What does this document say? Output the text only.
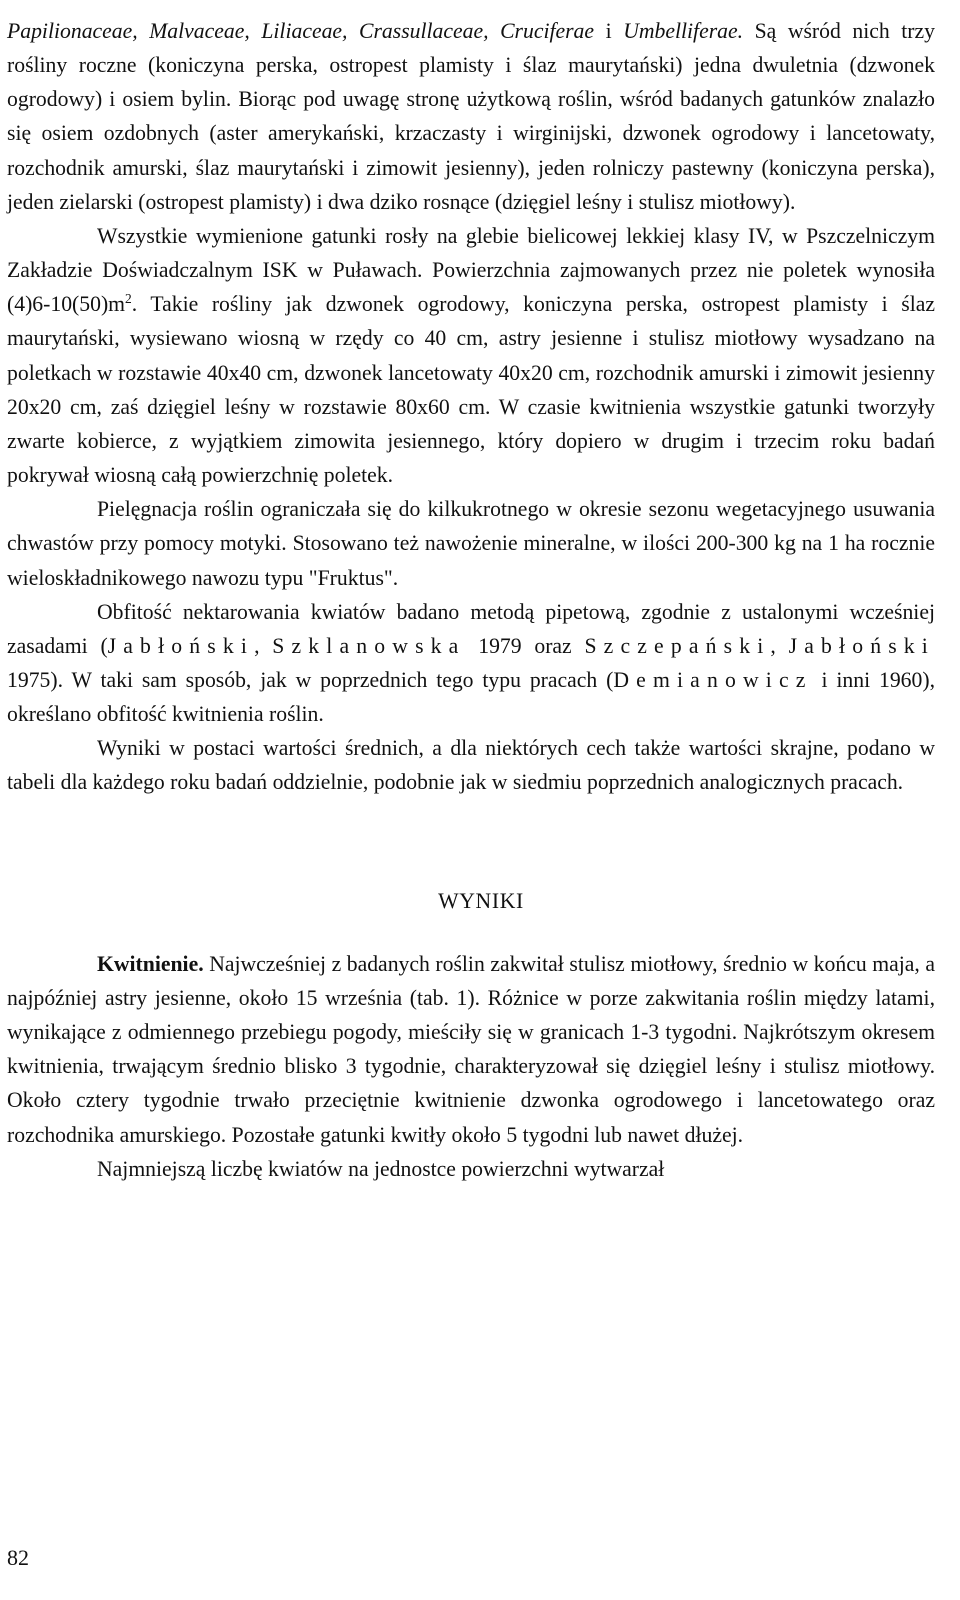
Papilionaceae, Malvaceae, Liliaceae, Crassullaceae, Cruciferae i Umbelliferae. Są wśród nich trzy rośliny roczne (koniczyna perska, ostropest plamisty i ślaz maurytański) jedna dwuletnia (dzwonek ogrodowy) i osiem bylin. Biorąc pod uwagę stronę użytkową roślin, wśród badanych gatunków znalazło się osiem ozdobnych (aster amerykański, krzaczasty i wirginijski, dzwonek ogrodowy i lancetowaty, rozchodnik amurski, ślaz maurytański i zimowit jesienny), jeden rolniczy pastewny (koniczyna perska), jeden zielarski (ostropest plamisty) i dwa dziko rosnące (dzięgiel leśny i stulisz miotłowy).

Wszystkie wymienione gatunki rosły na glebie bielicowej lekkiej klasy IV, w Pszczelniczym Zakładzie Doświadczalnym ISK w Puławach. Powierzchnia zajmowanych przez nie poletek wynosiła $(4)6-10(50)m^2$. Takie rośliny jak dzwonek ogrodowy, koniczyna perska, ostropest plamisty i ślaz maurytański, wysiewano wiosną w rzędy co 40 cm, astry jesienne i stulisz miotłowy wysadzano na poletkach w rozstawie 40x40 cm, dzwonek lancetowaty 40x20 cm, rozchodnik amurski i zimowit jesienny 20x20 cm, zaś dzięgiel leśny w rozstawie 80x60 cm. W czasie kwitnienia wszystkie gatunki tworzyły zwarte kobierce, z wyjątkiem zimowita jesiennego, który dopiero w drugim i trzecim roku badań pokrywał wiosną całą powierzchnię poletek.

Pielęgnacja roślin ograniczała się do kilkukrotnego w okresie sezonu wegetacyjnego usuwania chwastów przy pomocy motyki. Stosowano też nawożenie mineralne, w ilości 200-300 kg na 1 ha rocznie wieloskładnikowego nawozu typu "Fruktus".

Obfitość nektarowania kwiatów badano metodą pipetową, zgodnie z ustalonymi wcześniej zasadami (Jabłoński, Szklanowska 1979 oraz Szczepański, Jabłoński 1975). W taki sam sposób, jak w poprzednich tego typu pracach (Demianowicz i inni 1960), określano obfitość kwitnienia roślin.

Wyniki w postaci wartości średnich, a dla niektórych cech także wartości skrajne, podano w tabeli dla każdego roku badań oddzielnie, podobnie jak w siedmiu poprzednich analogicznych pracach.

WYNIKI

Kwitnienie. Najwcześniej z badanych roślin zakwitał stulisz miotłowy, średnio w końcu maja, a najpóźniej astry jesienne, około 15 września (tab. 1). Różnice w porze zakwitania roślin między latami, wynikające z odmiennego przebiegu pogody, mieściły się w granicach 1-3 tygodni. Najkrótszym okresem kwitnienia, trwającym średnio blisko 3 tygodnie, charakteryzował się dzięgiel leśny i stulisz miotłowy. Około cztery tygodnie trwało przeciętnie kwitnienie dzwonka ogrodowego i lancetowatego oraz rozchodnika amurskiego. Pozostałe gatunki kwitły około 5 tygodni lub nawet dłużej.

Najmniejszą liczbę kwiatów na jednostce powierzchni wytwarzał

82
